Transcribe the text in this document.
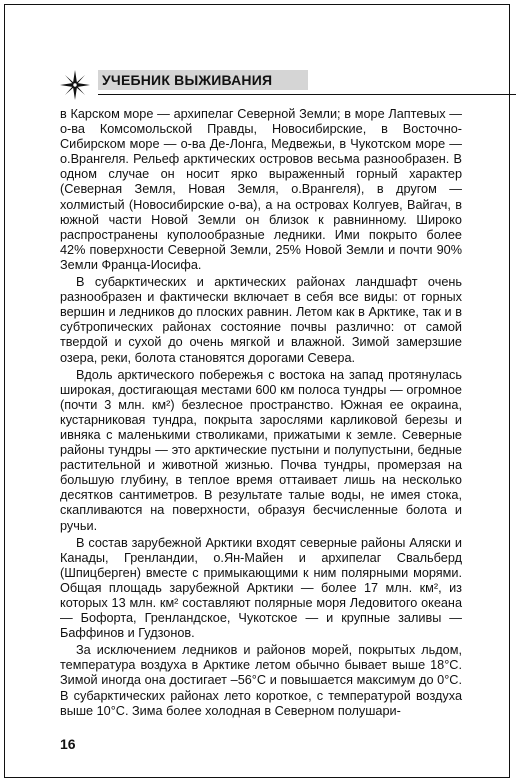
УЧЕБНИК ВЫЖИВАНИЯ

в Карском море — архипелаг Северной Земли; в море Лаптевых — о-ва Комсомольской Правды, Новосибирские, в Восточно-Сибирском море — о-ва Де-Лонга, Медвежьи, в Чукотском море — о.Врангеля. Рельеф арктических островов весьма разнообразен. В одном случае он носит ярко выраженный горный характер (Северная Земля, Новая Земля, о.Врангеля), в другом — холмистый (Новосибирские о-ва), а на островах Колгуев, Вайгач, в южной части Новой Земли он близок к равнинному. Широко распространены куполообразные ледники. Ими покрыто более 42% поверхности Северной Земли, 25% Новой Земли и почти 90% Земли Франца-Иосифа.

В субарктических и арктических районах ландшафт очень разнообразен и фактически включает в себя все виды: от горных вершин и ледников до плоских равнин. Летом как в Арктике, так и в субтропических районах состояние почвы различно: от самой твердой и сухой до очень мягкой и влажной. Зимой замерзшие озера, реки, болота становятся дорогами Севера.

Вдоль арктического побережья с востока на запад протянулась широкая, достигающая местами 600 км полоса тундры — огромное (почти 3 млн. км²) безлесное пространство. Южная ее окраина, кустарниковая тундра, покрыта зарослями карликовой березы и ивняка с маленькими стволиками, прижатыми к земле. Северные районы тундры — это арктические пустыни и полупустыни, бедные растительной и животной жизнью. Почва тундры, промерзая на большую глубину, в теплое время оттаивает лишь на несколько десятков сантиметров. В результате талые воды, не имея стока, скапливаются на поверхности, образуя бесчисленные болота и ручьи.

В состав зарубежной Арктики входят северные районы Аляски и Канады, Гренландии, о.Ян-Майен и архипелаг Свальберд (Шпицберген) вместе с примыкающими к ним полярными морями. Общая площадь зарубежной Арктики — более 17 млн. км², из которых 13 млн. км² составляют полярные моря Ледовитого океана — Бофорта, Гренландское, Чукотское — и крупные заливы — Баффинов и Гудзонов.

За исключением ледников и районов морей, покрытых льдом, температура воздуха в Арктике летом обычно бывает выше 18°С. Зимой иногда она достигает –56°С и повышается максимум до 0°С. В субарктических районах лето короткое, с температурой воздуха выше 10°С. Зима более холодная в Северном полушари-

16
